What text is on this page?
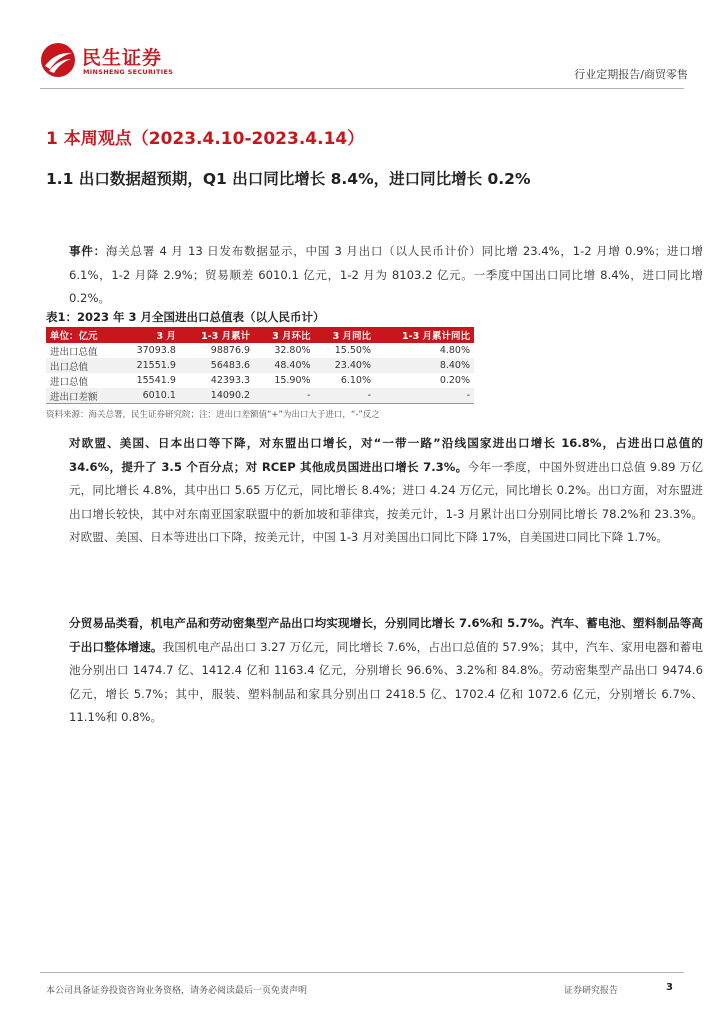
民生证券
MINSHENG SECURITIES	行业定期报告/商贸零售
1 本周观点（2023.4.10-2023.4.14）
1.1 出口数据超预期，Q1 出口同比增长 8.4%，进口同比增长 0.2%
事件：海关总署 4 月 13 日发布数据显示，中国 3 月出口（以人民币计价）同比增 23.4%，1-2 月增 0.9%；进口增 6.1%，1-2 月降 2.9%；贸易顺差 6010.1 亿元，1-2 月为 8103.2 亿元。一季度中国出口同比增 8.4%，进口同比增 0.2%。
表1：2023 年 3 月全国进出口总值表（以人民币计）
单位：亿元	3 月	1-3 月累计	3 月环比	3 月同比	1-3 月累计同比
进出口总值	37093.8	98876.9	32.80%	15.50%	4.80%
出口总值	21551.9	56483.6	48.40%	23.40%	8.40%
进口总值	15541.9	42393.3	15.90%	6.10%	0.20%
进出口差额	6010.1	14090.2	-	-	-
资料来源：海关总署，民生证券研究院；注：进出口差额值“+”为出口大于进口，“-”反之
对欧盟、美国、日本出口等下降，对东盟出口增长，对“一带一路”沿线国家进出口增长 16.8%，占进出口总值的 34.6%，提升了 3.5 个百分点；对 RCEP 其他成员国进出口增长 7.3%。今年一季度，中国外贸进出口总值 9.89 万亿元，同比增长 4.8%，其中出口 5.65 万亿元，同比增长 8.4%；进口 4.24 万亿元，同比增长 0.2%。出口方面，对东盟进出口增长较快，其中对东南亚国家联盟中的新加坡和菲律宾，按美元计，1-3 月累计出口分别同比增长 78.2%和 23.3%。对欧盟、美国、日本等进出口下降，按美元计，中国 1-3 月对美国出口同比下降 17%，自美国进口同比下降 1.7%。
分贸易品类看，机电产品和劳动密集型产品出口均实现增长，分别同比增长 7.6%和 5.7%。汽车、蓄电池、塑料制品等高于出口整体增速。我国机电产品出口 3.27 万亿元，同比增长 7.6%，占出口总值的 57.9%；其中，汽车、家用电器和蓄电池分别出口 1474.7 亿、1412.4 亿和 1163.4 亿元，分别增长 96.6%、3.2%和 84.8%。劳动密集型产品出口 9474.6 亿元，增长 5.7%；其中，服装、塑料制品和家具分别出口 2418.5 亿、1702.4 亿和 1072.6 亿元，分别增长 6.7%、11.1%和 0.8%。
本公司具备证券投资咨询业务资格，请务必阅读最后一页免责声明	证券研究报告	3
